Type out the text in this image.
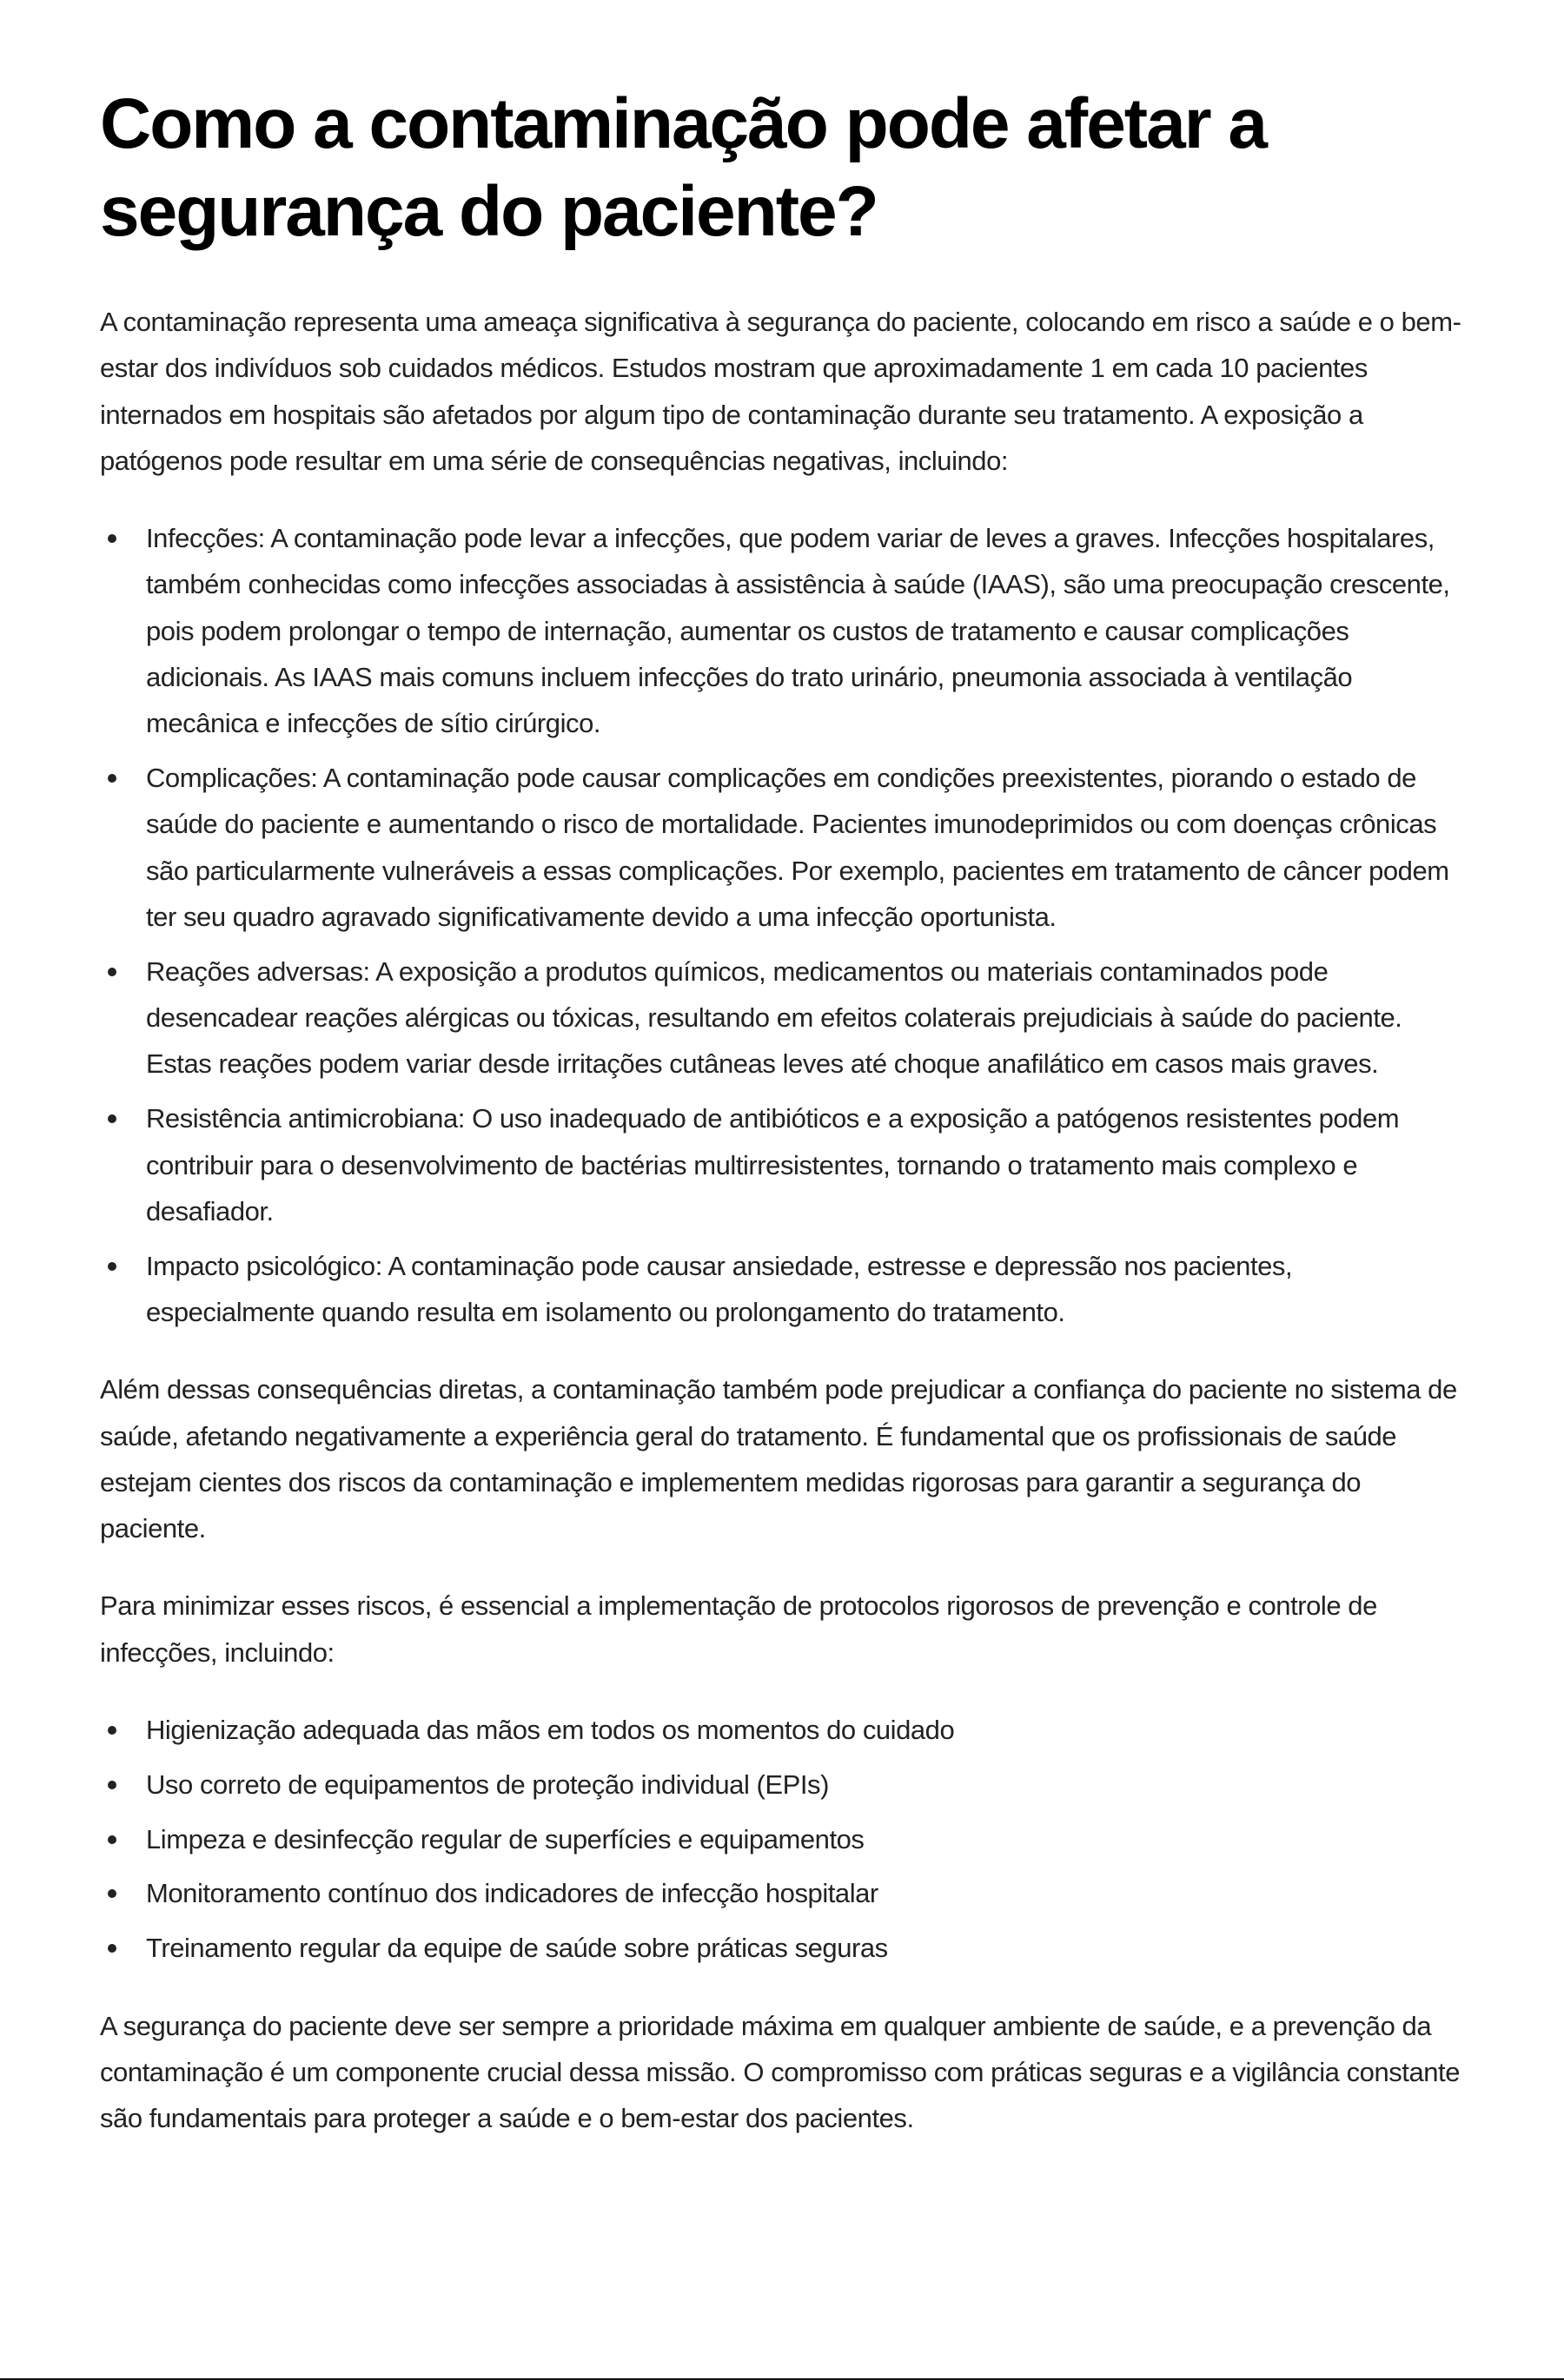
Como a contaminação pode afetar a segurança do paciente?

A contaminação representa uma ameaça significativa à segurança do paciente, colocando em risco a saúde e o bem-estar dos indivíduos sob cuidados médicos. Estudos mostram que aproximadamente 1 em cada 10 pacientes internados em hospitais são afetados por algum tipo de contaminação durante seu tratamento. A exposição a patógenos pode resultar em uma série de consequências negativas, incluindo:

Infecções: A contaminação pode levar a infecções, que podem variar de leves a graves. Infecções hospitalares, também conhecidas como infecções associadas à assistência à saúde (IAAS), são uma preocupação crescente, pois podem prolongar o tempo de internação, aumentar os custos de tratamento e causar complicações adicionais. As IAAS mais comuns incluem infecções do trato urinário, pneumonia associada à ventilação mecânica e infecções de sítio cirúrgico.
Complicações: A contaminação pode causar complicações em condições preexistentes, piorando o estado de saúde do paciente e aumentando o risco de mortalidade. Pacientes imunodeprimidos ou com doenças crônicas são particularmente vulneráveis a essas complicações. Por exemplo, pacientes em tratamento de câncer podem ter seu quadro agravado significativamente devido a uma infecção oportunista.
Reações adversas: A exposição a produtos químicos, medicamentos ou materiais contaminados pode desencadear reações alérgicas ou tóxicas, resultando em efeitos colaterais prejudiciais à saúde do paciente. Estas reações podem variar desde irritações cutâneas leves até choque anafilático em casos mais graves.
Resistência antimicrobiana: O uso inadequado de antibióticos e a exposição a patógenos resistentes podem contribuir para o desenvolvimento de bactérias multirresistentes, tornando o tratamento mais complexo e desafiador.
Impacto psicológico: A contaminação pode causar ansiedade, estresse e depressão nos pacientes, especialmente quando resulta em isolamento ou prolongamento do tratamento.

Além dessas consequências diretas, a contaminação também pode prejudicar a confiança do paciente no sistema de saúde, afetando negativamente a experiência geral do tratamento. É fundamental que os profissionais de saúde estejam cientes dos riscos da contaminação e implementem medidas rigorosas para garantir a segurança do paciente.

Para minimizar esses riscos, é essencial a implementação de protocolos rigorosos de prevenção e controle de infecções, incluindo:

Higienização adequada das mãos em todos os momentos do cuidado
Uso correto de equipamentos de proteção individual (EPIs)
Limpeza e desinfecção regular de superfícies e equipamentos
Monitoramento contínuo dos indicadores de infecção hospitalar
Treinamento regular da equipe de saúde sobre práticas seguras

A segurança do paciente deve ser sempre a prioridade máxima em qualquer ambiente de saúde, e a prevenção da contaminação é um componente crucial dessa missão. O compromisso com práticas seguras e a vigilância constante são fundamentais para proteger a saúde e o bem-estar dos pacientes.
